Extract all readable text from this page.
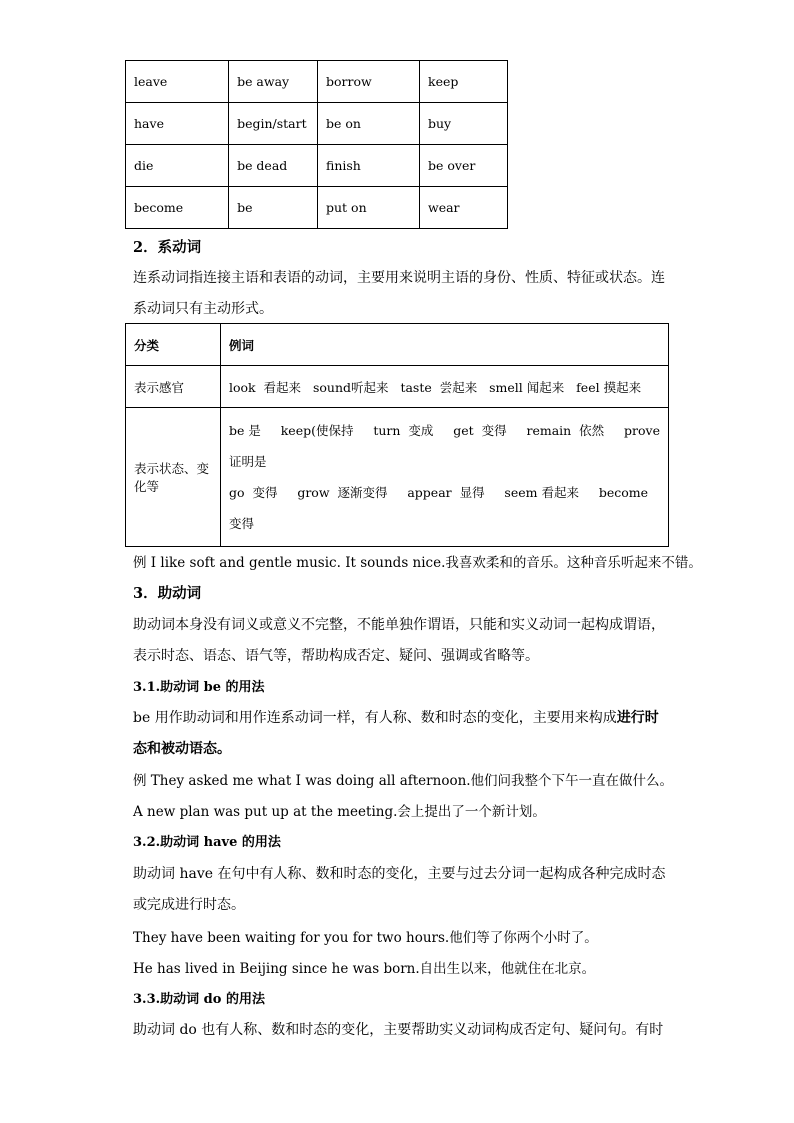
leave	be away	borrow	keep
have	begin/start	be on	buy
die	be dead	finish	be over
become	be	put on	wear
2．系动词
连系动词指连接主语和表语的动词，主要用来说明主语的身份、性质、特征或状态。连
系动词只有主动形式。
分类	例词
表示感官	look  看起来   sound听起来   taste  尝起来   smell 闻起来   feel 摸起来
表示状态、变化等	be 是     keep(使保持     turn  变成     get  变得     remain  依然     prove
证明是
go  变得     grow  逐渐变得     appear  显得     seem 看起来     become
变得
例 I like soft and gentle music. It sounds nice.我喜欢柔和的音乐。这种音乐听起来不错。
3．助动词
助动词本身没有词义或意义不完整，不能单独作谓语，只能和实义动词一起构成谓语，
表示时态、语态、语气等，帮助构成否定、疑问、强调或省略等。
3.1.助动词 be 的用法
be 用作助动词和用作连系动词一样，有人称、数和时态的变化，主要用来构成进行时
态和被动语态。
例 They asked me what I was doing all afternoon.他们问我整个下午一直在做什么。
A new plan was put up at the meeting.会上提出了一个新计划。
3.2.助动词 have 的用法
助动词 have 在句中有人称、数和时态的变化，主要与过去分词一起构成各种完成时态
或完成进行时态。
They have been waiting for you for two hours.他们等了你两个小时了。
He has lived in Beijing since he was born.自出生以来，他就住在北京。
3.3.助动词 do 的用法
助动词 do 也有人称、数和时态的变化，主要帮助实义动词构成否定句、疑问句。有时
